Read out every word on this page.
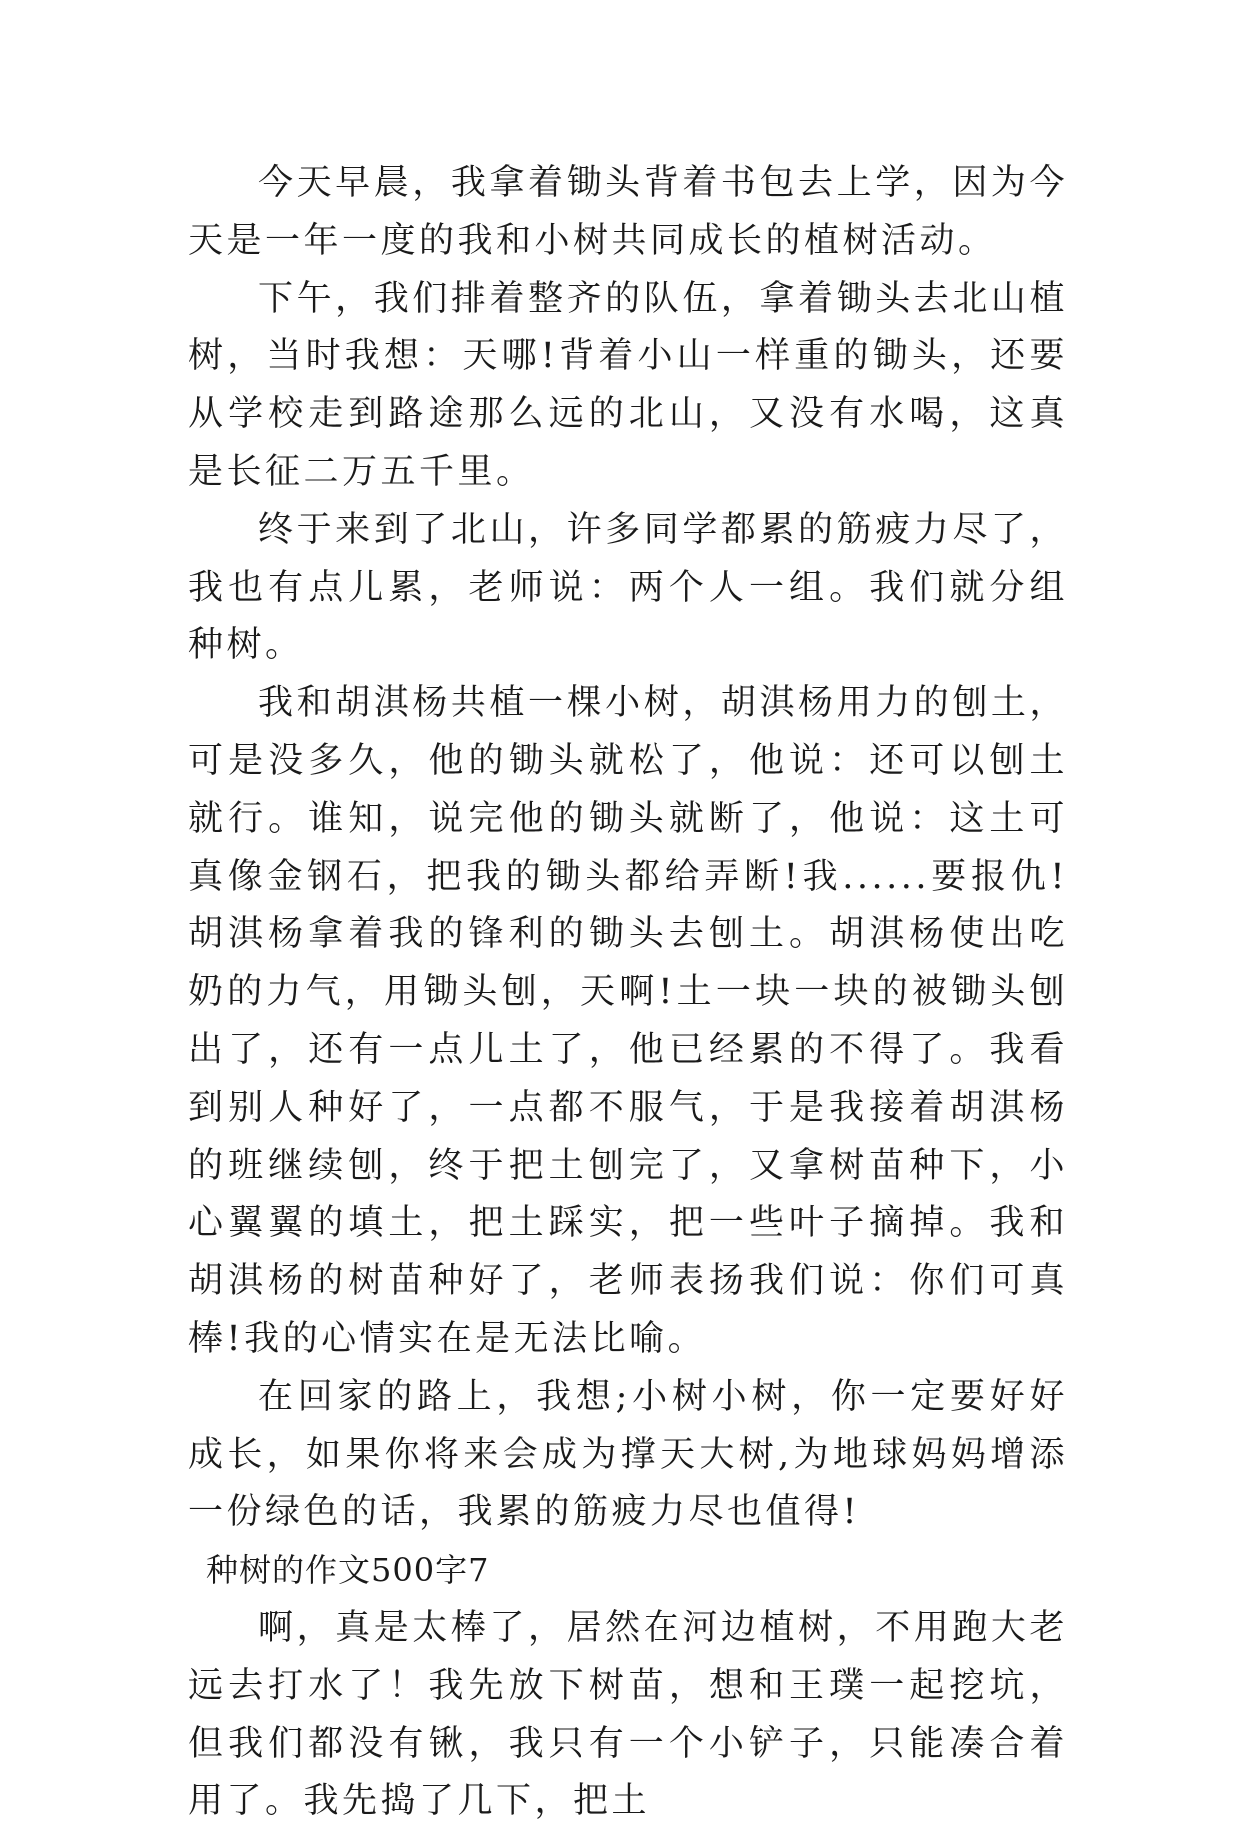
今天早晨，我拿着锄头背着书包去上学，因为今天是一年一度的我和小树共同成长的植树活动。

下午，我们排着整齐的队伍，拿着锄头去北山植树，当时我想：天哪!背着小山一样重的锄头，还要从学校走到路途那么远的北山，又没有水喝，这真是长征二万五千里。

终于来到了北山，许多同学都累的筋疲力尽了，我也有点儿累，老师说：两个人一组。我们就分组种树。

我和胡淇杨共植一棵小树，胡淇杨用力的刨土，可是没多久，他的锄头就松了，他说：还可以刨土就行。谁知，说完他的锄头就断了，他说：这土可真像金钢石，把我的锄头都给弄断!我......要报仇!胡淇杨拿着我的锋利的锄头去刨土。胡淇杨使出吃奶的力气，用锄头刨，天啊!土一块一块的被锄头刨出了，还有一点儿土了，他已经累的不得了。我看到别人种好了，一点都不服气，于是我接着胡淇杨的班继续刨，终于把土刨完了，又拿树苗种下，小心翼翼的填土，把土踩实，把一些叶子摘掉。我和胡淇杨的树苗种好了，老师表扬我们说：你们可真棒!我的心情实在是无法比喻。

在回家的路上，我想;小树小树，你一定要好好成长，如果你将来会成为撑天大树,为地球妈妈增添一份绿色的话，我累的筋疲力尽也值得!

种树的作文500字7

啊，真是太棒了，居然在河边植树，不用跑大老远去打水了！我先放下树苗，想和王璞一起挖坑，但我们都没有锹，我只有一个小铲子，只能凑合着用了。我先捣了几下，把土
